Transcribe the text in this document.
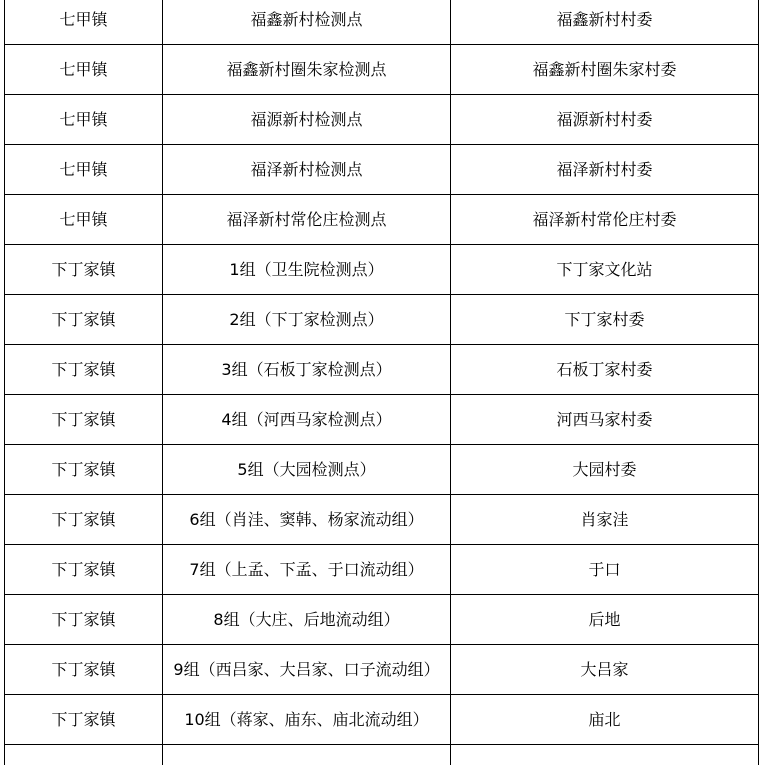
七甲镇	福鑫新村检测点	福鑫新村村委
七甲镇	福鑫新村圈朱家检测点	福鑫新村圈朱家村委
七甲镇	福源新村检测点	福源新村村委
七甲镇	福泽新村检测点	福泽新村村委
七甲镇	福泽新村常伦庄检测点	福泽新村常伦庄村委
下丁家镇	1组（卫生院检测点）	下丁家文化站
下丁家镇	2组（下丁家检测点）	下丁家村委
下丁家镇	3组（石板丁家检测点）	石板丁家村委
下丁家镇	4组（河西马家检测点）	河西马家村委
下丁家镇	5组（大园检测点）	大园村委
下丁家镇	6组（肖洼、窦韩、杨家流动组）	肖家洼
下丁家镇	7组（上孟、下孟、于口流动组）	于口
下丁家镇	8组（大庄、后地流动组）	后地
下丁家镇	9组（西吕家、大吕家、口子流动组）	大吕家
下丁家镇	10组（蒋家、庙东、庙北流动组）	庙北
